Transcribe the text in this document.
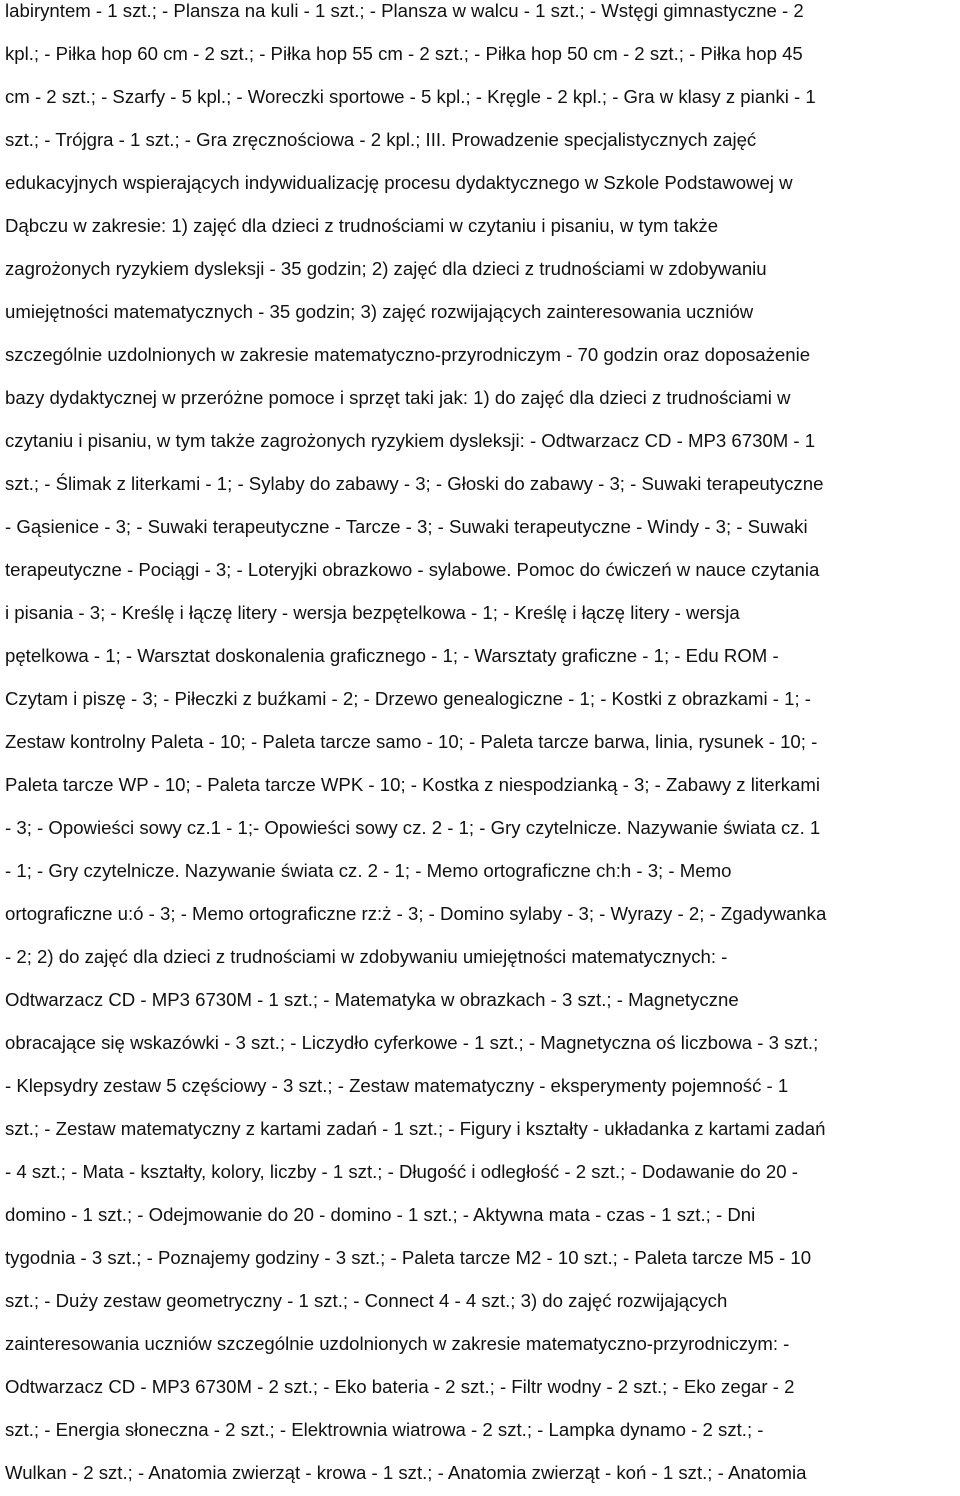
labiryntem - 1 szt.; - Plansza na kuli - 1 szt.; - Plansza w walcu - 1 szt.; - Wstęgi gimnastyczne - 2
kpl.; - Piłka hop 60 cm - 2 szt.; - Piłka hop 55 cm - 2 szt.; - Piłka hop 50 cm - 2 szt.; - Piłka hop 45
cm - 2 szt.; - Szarfy - 5 kpl.; - Woreczki sportowe - 5 kpl.; - Kręgle - 2 kpl.; - Gra w klasy z pianki - 1
szt.; - Trójgra - 1 szt.; - Gra zręcznościowa - 2 kpl.; III. Prowadzenie specjalistycznych zajęć
edukacyjnych wspierających indywidualizację procesu dydaktycznego w Szkole Podstawowej w
Dąbczu w zakresie: 1) zajęć dla dzieci z trudnościami w czytaniu i pisaniu, w tym także
zagrożonych ryzykiem dysleksji - 35 godzin; 2) zajęć dla dzieci z trudnościami w zdobywaniu
umiejętności matematycznych - 35 godzin; 3) zajęć rozwijających zainteresowania uczniów
szczególnie uzdolnionych w zakresie matematyczno-przyrodniczym - 70 godzin oraz doposażenie
bazy dydaktycznej w przeróżne pomoce i sprzęt taki jak: 1) do zajęć dla dzieci z trudnościami w
czytaniu i pisaniu, w tym także zagrożonych ryzykiem dysleksji: - Odtwarzacz CD - MP3 6730M - 1
szt.; - Ślimak z literkami - 1; - Sylaby do zabawy - 3; - Głoski do zabawy - 3; - Suwaki terapeutyczne
- Gąsienice - 3; - Suwaki terapeutyczne - Tarcze - 3; - Suwaki terapeutyczne - Windy - 3; - Suwaki
terapeutyczne - Pociągi - 3; - Loteryjki obrazkowo - sylabowe. Pomoc do ćwiczeń w nauce czytania
i pisania - 3; - Kreślę i łączę litery - wersja bezpętelkowa - 1; - Kreślę i łączę litery - wersja
pętelkowa - 1; - Warsztat doskonalenia graficznego - 1; - Warsztaty graficzne - 1; - Edu ROM -
Czytam i piszę - 3; - Piłeczki z buźkami - 2; - Drzewo genealogiczne - 1; - Kostki z obrazkami - 1; -
Zestaw kontrolny Paleta - 10; - Paleta tarcze samo - 10; - Paleta tarcze barwa, linia, rysunek - 10; -
Paleta tarcze WP - 10; - Paleta tarcze WPK - 10; - Kostka z niespodzianką - 3; - Zabawy z literkami
- 3; - Opowieści sowy cz.1 - 1;- Opowieści sowy cz. 2 - 1; - Gry czytelnicze. Nazywanie świata cz. 1
- 1; - Gry czytelnicze. Nazywanie świata cz. 2 - 1; - Memo ortograficzne ch:h - 3; - Memo
ortograficzne u:ó - 3; - Memo ortograficzne rz:ż - 3; - Domino sylaby - 3; - Wyrazy - 2; - Zgadywanka
- 2; 2) do zajęć dla dzieci z trudnościami w zdobywaniu umiejętności matematycznych: -
Odtwarzacz CD - MP3 6730M - 1 szt.; - Matematyka w obrazkach - 3 szt.; - Magnetyczne
obracające się wskazówki - 3 szt.; - Liczydło cyferkowe - 1 szt.; - Magnetyczna oś liczbowa - 3 szt.;
- Klepsydry zestaw 5 częściowy - 3 szt.; - Zestaw matematyczny - eksperymenty pojemność - 1
szt.; - Zestaw matematyczny z kartami zadań - 1 szt.; - Figury i kształty - układanka z kartami zadań
- 4 szt.; - Mata - kształty, kolory, liczby - 1 szt.; - Długość i odległość - 2 szt.; - Dodawanie do 20 -
domino - 1 szt.; - Odejmowanie do 20 - domino - 1 szt.; - Aktywna mata - czas - 1 szt.; - Dni
tygodnia - 3 szt.; - Poznajemy godziny - 3 szt.; - Paleta tarcze M2 - 10 szt.; - Paleta tarcze M5 - 10
szt.; - Duży zestaw geometryczny - 1 szt.; - Connect 4 - 4 szt.; 3) do zajęć rozwijających
zainteresowania uczniów szczególnie uzdolnionych w zakresie matematyczno-przyrodniczym: -
Odtwarzacz CD - MP3 6730M - 2 szt.; - Eko bateria - 2 szt.; - Filtr wodny - 2 szt.; - Eko zegar - 2
szt.; - Energia słoneczna - 2 szt.; - Elektrownia wiatrowa - 2 szt.; - Lampka dynamo - 2 szt.; -
Wulkan - 2 szt.; - Anatomia zwierząt - krowa - 1 szt.; - Anatomia zwierząt - koń - 1 szt.; - Anatomia
